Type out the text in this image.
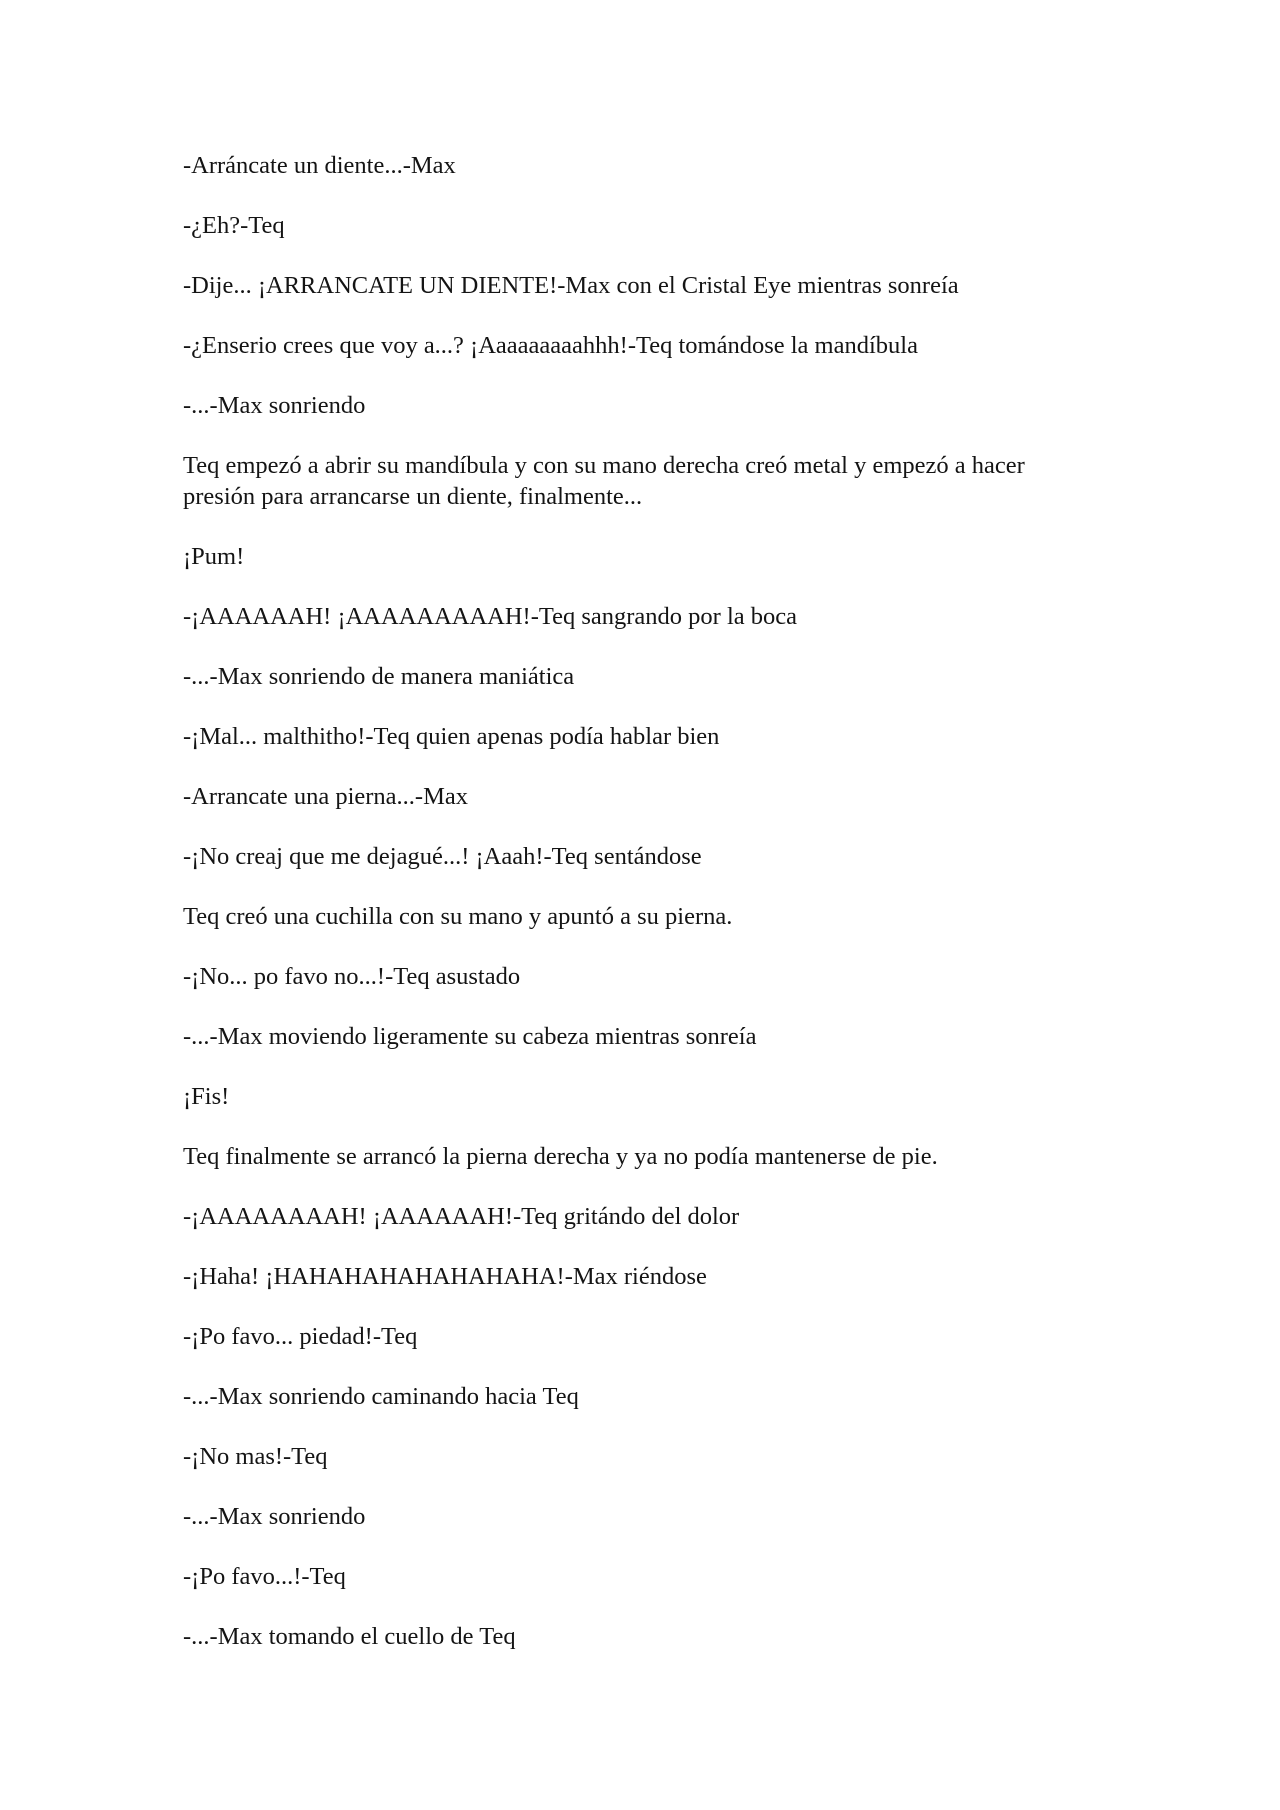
-Arráncate un diente...-Max

-¿Eh?-Teq

-Dije... ¡ARRANCATE UN DIENTE!-Max con el Cristal Eye mientras sonreía

-¿Enserio crees que voy a...? ¡Aaaaaaaaahhh!-Teq tomándose la mandíbula

-...-Max sonriendo

Teq empezó a abrir su mandíbula y con su mano derecha creó metal y empezó a hacer presión para arrancarse un diente, finalmente...

¡Pum!

-¡AAAAAAH! ¡AAAAAAAAAH!-Teq sangrando por la boca

-...-Max sonriendo de manera maniática

-¡Mal... malthitho!-Teq quien apenas podía hablar bien

-Arrancate una pierna...-Max

-¡No creaj que me dejagué...! ¡Aaah!-Teq sentándose

Teq creó una cuchilla con su mano y apuntó a su pierna.

-¡No... po favo no...!-Teq asustado

-...-Max moviendo ligeramente su cabeza mientras sonreía

¡Fis!

Teq finalmente se arrancó la pierna derecha y ya no podía mantenerse de pie.

-¡AAAAAAAAH! ¡AAAAAAH!-Teq gritándo del dolor

-¡Haha! ¡HAHAHAHAHAHAHAHA!-Max riéndose

-¡Po favo... piedad!-Teq

-...-Max sonriendo caminando hacia Teq

-¡No mas!-Teq

-...-Max sonriendo

-¡Po favo...!-Teq

-...-Max tomando el cuello de Teq
